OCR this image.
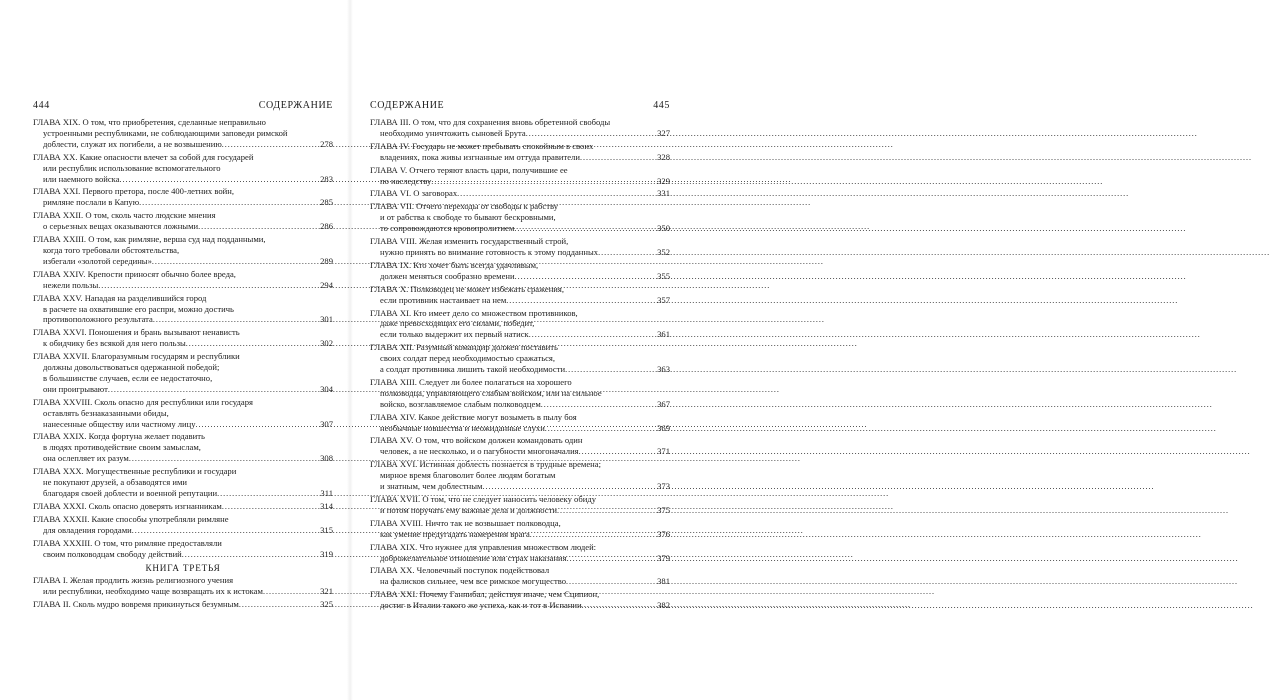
444	СОДЕРЖАНИЕ
ГЛАВА XIX. О том, что приобретения, сделанные неправильно
устроенными республиками, не соблюдающими заповеди римской
доблести, служат их погибели, а не возвышению .....	278
ГЛАВА XX. Какие опасности влечет за собой для государей
или республик использование вспомогательного
или наемного войска .....	283
ГЛАВА XXI. Первого претора, после 400-летних войн,
римляне послали в Капую .....	285
ГЛАВА XXII. О том, сколь часто людские мнения
о серьезных вещах оказываются ложными .....	286
ГЛАВА XXIII. О том, как римляне, вершa суд над подданными,
когда того требовали обстоятельства,
избегали «золотой середины» .....	289
ГЛАВА XXIV. Крепости приносят обычно более вреда,
нежели пользы .....	294
ГЛАВА XXV. Нападая на разделившийся город
в расчете на охватившие его распри, можно достичь
противоположного результата .....	301
ГЛАВА XXVI. Поношения и брань вызывают ненависть
к обидчику без всякой для него пользы .....	302
ГЛАВА XXVII. Благоразумным государям и республики
должны довольствоваться одержанной победой;
в большинстве случаев, если ее недостаточно,
они проигрывают .....	304
ГЛАВА XXVIII. Сколь опасно для республики или государя
оставлять безнаказанными обиды,
нанесенные обществу или частному лицу .....	307
ГЛАВА XXIX. Когда фортуна желает подавить
в людях противодействие своим замыслам,
она ослепляет их разум .....	308
ГЛАВА XXX. Могущественные республики и государи
не покупают друзей, а обзаводятся ими
благодаря своей доблести и военной репутации .....	311
ГЛАВА XXXI. Сколь опасно доверять изгнанникам .....	314
ГЛАВА XXXII. Какие способы употребляли римляне
для овладения городами .....	315
ГЛАВА XXXIII. О том, что римляне предоставляли
своим полководцам свободу действий .....	319
КНИГА ТРЕТЬЯ
ГЛАВА I. Желая продлить жизнь религиозного учения
или республики, необходимо чаще возвращать их к истокам .....	321
ГЛАВА II. Сколь мудро вовремя прикинуться безумным .....	325
СОДЕРЖАНИЕ	445
ГЛАВА III. О том, что для сохранения вновь обретенной свободы
необходимо уничтожить сыновей Брута .....	327
ГЛАВА IV. Государь не может пребывать спокойным в своих
владениях, пока живы изгнанные им оттуда правители .....	328
ГЛАВА V. Отчего теряют власть цари, получившие ее
по наследству .....	329
ГЛАВА VI. О заговорах .....	331
ГЛАВА VII. Отчего переходы от свободы к рабству
и от рабства к свободе то бывают бескровными,
то сопровождаются кровопролитием .....	350
ГЛАВА VIII. Желая изменить государственный строй,
нужно принять во внимание готовность к этому подданных .....	352
ГЛАВА IX. Кто хочет быть всегда удачливым,
должен меняться сообразно времени .....	355
ГЛАВА X. Полководец не может избежать сражения,
если противник настаивает на нем .....	357
ГЛАВА XI. Кто имеет дело со множеством противников,
даже превосходящих его силами, победит,
если только выдержит их первый натиск .....	361
ГЛАВА XII. Разумный командир должен поставить
своих солдат перед необходимостью сражаться,
а солдат противника лишить такой необходимости .....	363
ГЛАВА XIII. Следует ли более полагаться на хорошего
полководца, управляющего слабым войском, или на сильное
войско, возглавляемое слабым полководцем .....	367
ГЛАВА XIV. Какое действие могут возыметь в пылу боя
необычные новшества и неожиданные слухи .....	369
ГЛАВА XV. О том, что войском должен командовать один
человек, а не несколько, и о пагубности многоначалия .....	371
ГЛАВА XVI. Истинная доблесть познается в трудные времена;
мирное время благоволит более людям богатым
и знатным, чем доблестным .....	373
ГЛАВА XVII. О том, что не следует наносить человеку обиду
и потом поручать ему важные дела и должности .....	375
ГЛАВА XVIII. Ничто так не возвышает полководца,
как умение предугадать намерения врага .....	376
ГЛАВА XIX. Что нужнее для управления множеством людей:
доброжелательное отношение или страх наказания .....	379
ГЛАВА XX. Человечный поступок подействовал
на фалисков сильнее, чем все римское могущество .....	381
ГЛАВА XXI. Почему Ганнибал, действуя иначе, чем Сципион,
достиг в Италии такого же успеха, как и тот в Испании .....	382
